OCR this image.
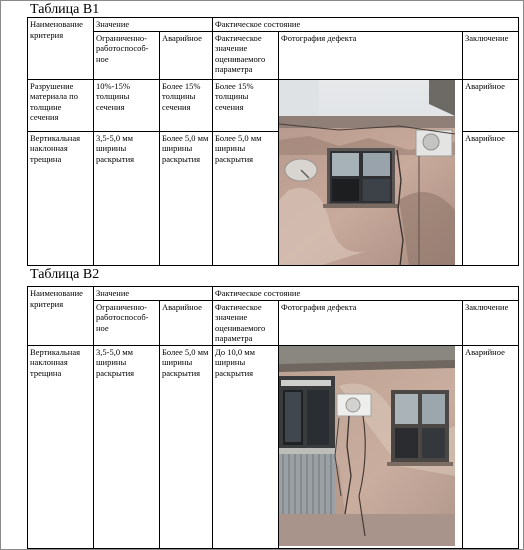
Таблица В1
Наименование критерия	Значение		Фактическое состояние		
	Ограниченно-работоспособ-ное	Аварийное	Фактическое значение оцениваемого параметра	Фотография дефекта	Заключение
Разрушение материала по толщине сечения	10%-15% толщины сечения	Более 15% толщины сечения	Более 15% толщины сечения		Аварийное
Вертикальная наклонная трещина	3,5-5,0 мм ширины раскрытия	Более 5,0 мм ширины раскрытия	Более 5,0 мм ширины раскрытия		Аварийное
Таблица В2
Наименование критерия	Значение		Фактическое состояние		
	Ограниченно-работоспособ-ное	Аварийное	Фактическое значение оцениваемого параметра	Фотография дефекта	Заключение
Вертикальная наклонная трещина	3,5-5,0 мм ширины раскрытия	Более 5,0 мм ширины раскрытия	До 10,0 мм ширины раскрытия		Аварийное
